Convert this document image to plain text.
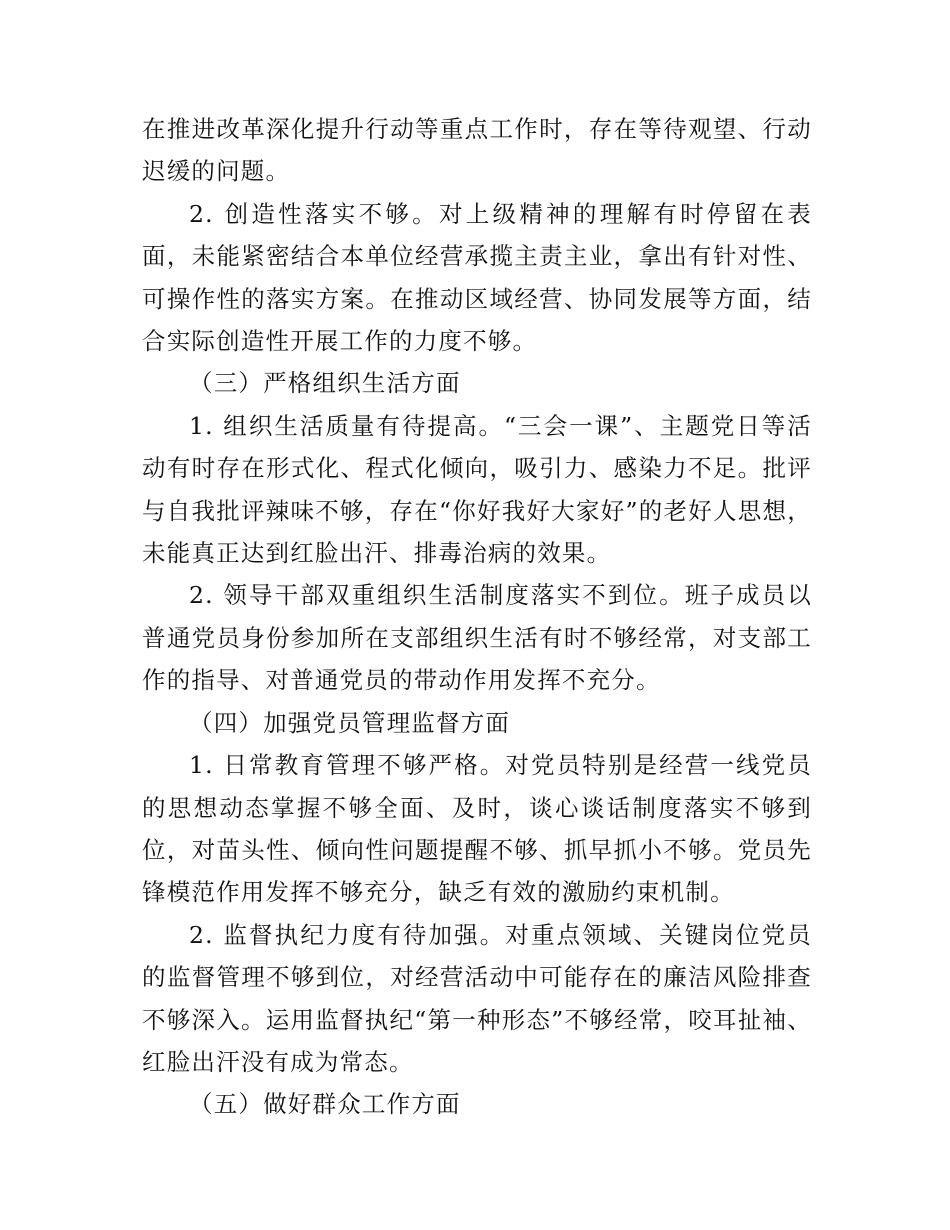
在推进改革深化提升行动等重点工作时，存在等待观望、行动迟缓的问题。

2. 创造性落实不够。对上级精神的理解有时停留在表面，未能紧密结合本单位经营承揽主责主业，拿出有针对性、可操作性的落实方案。在推动区域经营、协同发展等方面，结合实际创造性开展工作的力度不够。

（三）严格组织生活方面

1. 组织生活质量有待提高。“三会一课”、主题党日等活动有时存在形式化、程式化倾向，吸引力、感染力不足。批评与自我批评辣味不够，存在“你好我好大家好”的老好人思想，未能真正达到红脸出汗、排毒治病的效果。

2. 领导干部双重组织生活制度落实不到位。班子成员以普通党员身份参加所在支部组织生活有时不够经常，对支部工作的指导、对普通党员的带动作用发挥不充分。

（四）加强党员管理监督方面

1. 日常教育管理不够严格。对党员特别是经营一线党员的思想动态掌握不够全面、及时，谈心谈话制度落实不够到位，对苗头性、倾向性问题提醒不够、抓早抓小不够。党员先锋模范作用发挥不够充分，缺乏有效的激励约束机制。

2. 监督执纪力度有待加强。对重点领域、关键岗位党员的监督管理不够到位，对经营活动中可能存在的廉洁风险排查不够深入。运用监督执纪“第一种形态”不够经常，咬耳扯袖、红脸出汗没有成为常态。

（五）做好群众工作方面
